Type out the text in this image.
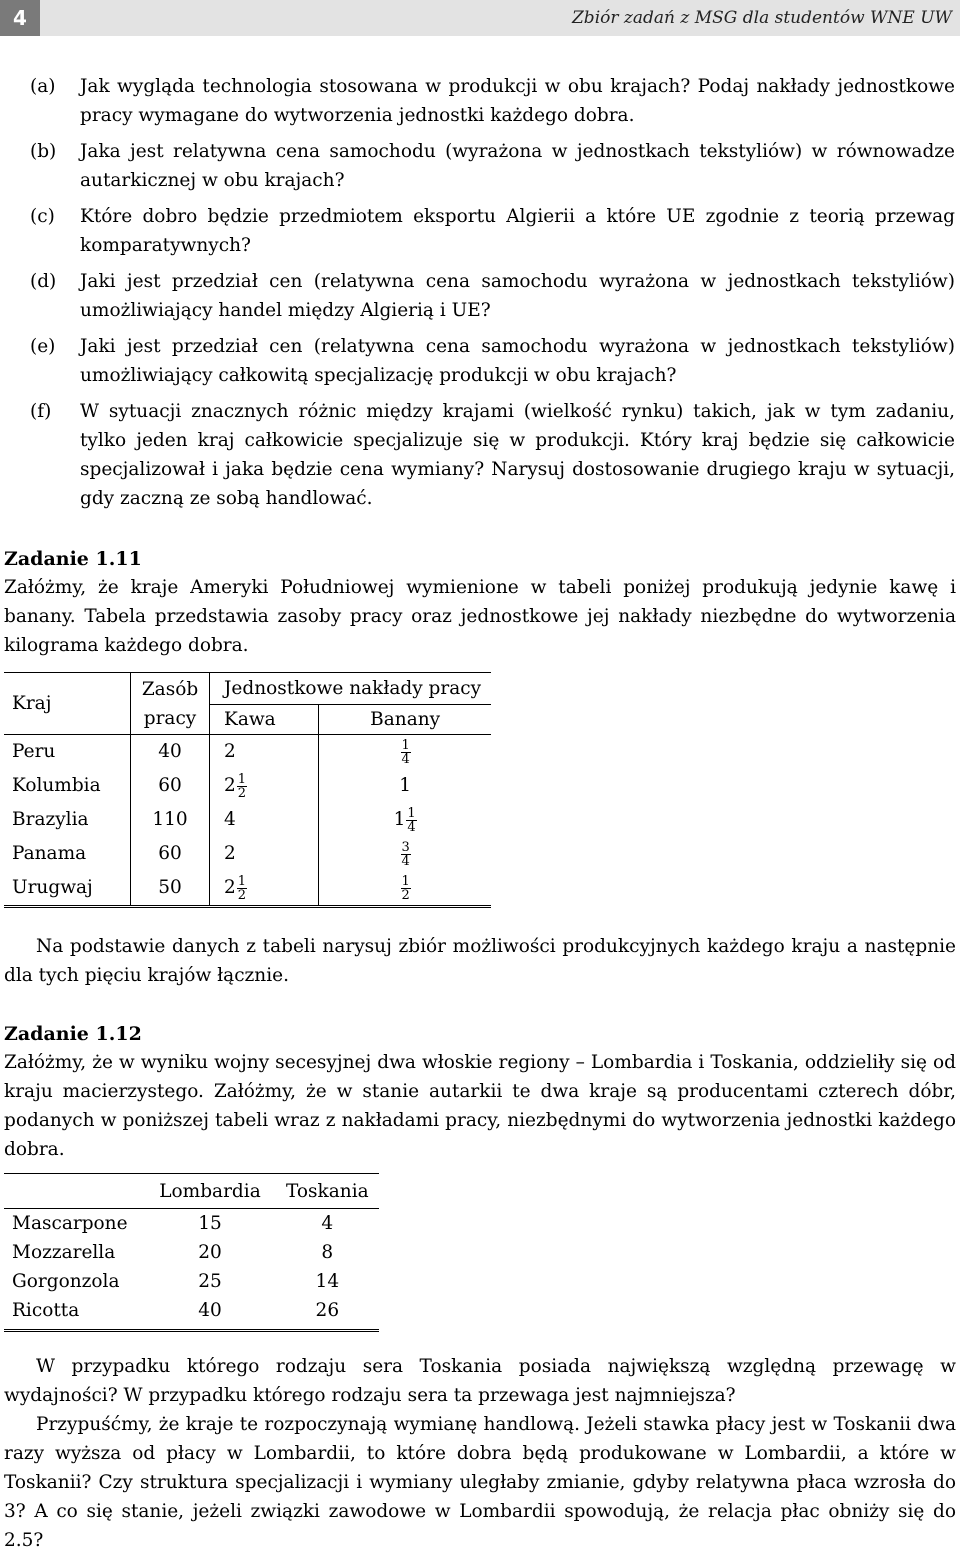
4	Zbiór zadań z MSG dla studentów WNE UW
(a)	Jak wygląda technologia stosowana w produkcji w obu krajach? Podaj nakłady jednostkowe pracy wymagane do wytworzenia jednostki każdego dobra.
(b)	Jaka jest relatywna cena samochodu (wyrażona w jednostkach tekstyliów) w równowadze autarkicznej w obu krajach?
(c)	Które dobro będzie przedmiotem eksportu Algierii a które UE zgodnie z teorią przewag komparatywnych?
(d)	Jaki jest przedział cen (relatywna cena samochodu wyrażona w jednostkach tekstyliów) umożliwiający handel między Algierią i UE?
(e)	Jaki jest przedział cen (relatywna cena samochodu wyrażona w jednostkach tekstyliów) umożliwiający całkowitą specjalizację produkcji w obu krajach?
(f)	W sytuacji znacznych różnic między krajami (wielkość rynku) takich, jak w tym zadaniu, tylko jeden kraj całkowicie specjalizuje się w produkcji. Który kraj będzie się całkowicie specjalizował i jaka będzie cena wymiany? Narysuj dostosowanie drugiego kraju w sytuacji, gdy zaczną ze sobą handlować.
Zadanie 1.11
Załóżmy, że kraje Ameryki Południowej wymienione w tabeli poniżej produkują jedynie kawę i banany. Tabela przedstawia zasoby pracy oraz jednostkowe jej nakłady niezbędne do wytworzenia kilograma każdego dobra.
Kraj	Zasób	Jednostkowe nakłady pracy	
	pracy	Kawa	Banany
Peru	40	2	$\frac{1}{4}$

Kolumbia	60	$2 \frac{1}{2}$	1
Brazylia	110	4	$1 \frac{1}{4}$

Panama	60	2	$\frac{3}{4}$

Urugwaj	50	$2 \frac{1}{2}$	$\frac{1}{2}$
Na podstawie danych z tabeli narysuj zbiór możliwości produkcyjnych każdego kraju a następnie dla tych pięciu krajów łącznie.
Zadanie 1.12
Załóżmy, że w wyniku wojny secesyjnej dwa włoskie regiony – Lombardia i Toskania, oddzieliły się od kraju macierzystego. Załóżmy, że w stanie autarkii te dwa kraje są producentami czterech dóbr, podanych w poniższej tabeli wraz z nakładami pracy, niezbędnymi do wytworzenia jednostki każdego dobra.
	Lombardia	Toskania
Mascarpone	15	4
Mozzarella	20	8
Gorgonzola	25	14
Ricotta	40	26
W przypadku którego rodzaju sera Toskania posiada największą względną przewagę w wydajności? W przypadku którego rodzaju sera ta przewaga jest najmniejsza?
Przypuśćmy, że kraje te rozpoczynają wymianę handlową. Jeżeli stawka płacy jest w Toskanii dwa razy wyższa od płacy w Lombardii, to które dobra będą produkowane w Lombardii, a które w Toskanii? Czy struktura specjalizacji i wymiany uległaby zmianie, gdyby relatywna płaca wzrosła do 3? A co się stanie, jeżeli związki zawodowe w Lombardii spowodują, że relacja płac obniży się do 2.5?
